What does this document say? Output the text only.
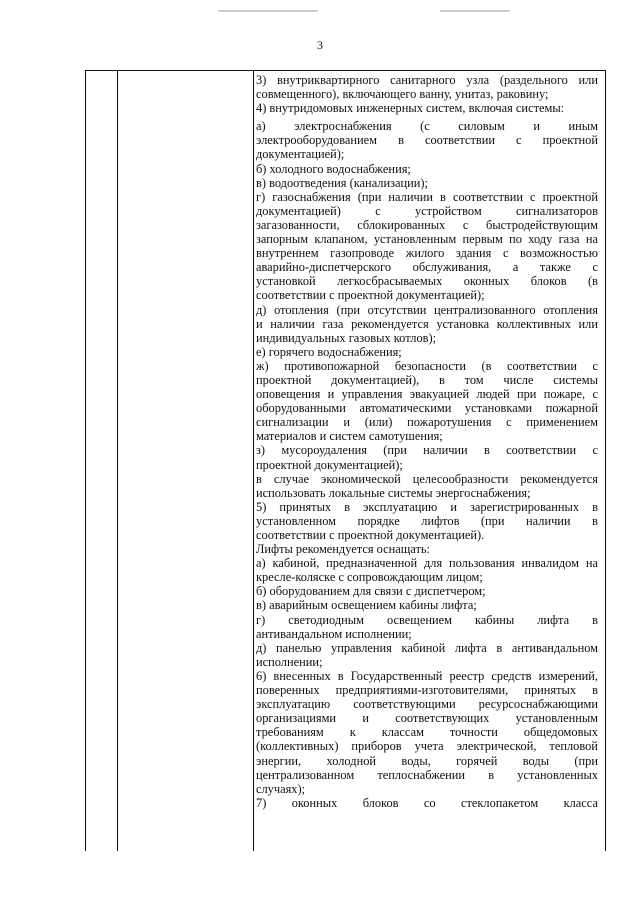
3
3) внутриквартирного санитарного узла (раздельного или
совмещенного), включающего ванну, унитаз, раковину;
4) внутридомовых инженерных систем, включая системы:
а) электроснабжения (с силовым и иным
электрооборудованием в соответствии с проектной
документацией);
б) холодного водоснабжения;
в) водоотведения (канализации);
г) газоснабжения (при наличии в соответствии с проектной
документацией)	с	устройством	сигнализаторов
загазованности, сблокированных с быстродействующим
запорным клапаном, установленным первым по ходу газа на
внутреннем газопроводе жилого здания с возможностью
аварийно-диспетчерского обслуживания, а также с
установкой легкосбрасываемых оконных блоков (в
соответствии с проектной документацией);
д) отопления (при отсутствии централизованного отопления
и наличии газа рекомендуется установка коллективных или
индивидуальных газовых котлов);
е) горячего водоснабжения;
ж) противопожарной безопасности (в соответствии с
проектной документацией), в том числе системы
оповещения и управления эвакуацией людей при пожаре, с
оборудованными автоматическими установками пожарной
сигнализации и (или) пожаротушения с применением
материалов и систем самотушения;
з) мусороудаления (при наличии в соответствии с
проектной документацией);
в случае экономической целесообразности рекомендуется
использовать локальные системы энергоснабжения;
5) принятых в эксплуатацию и зарегистрированных в
установленном порядке лифтов (при наличии в
соответствии с проектной документацией).
Лифты рекомендуется оснащать:
а) кабиной, предназначенной для пользования инвалидом на
кресле-коляске с сопровождающим лицом;
б) оборудованием для связи с диспетчером;
в) аварийным освещением кабины лифта;
г) светодиодным освещением кабины лифта в
антивандальном исполнении;
д) панелью управления кабиной лифта в антивандальном
исполнении;
6) внесенных в Государственный реестр средств измерений,
поверенных предприятиями-изготовителями, принятых в
эксплуатацию соответствующими ресурсоснабжающими
организациями и соответствующих установленным
требованиям к классам точности общедомовых
(коллективных) приборов учета электрической, тепловой
энергии, холодной воды, горячей воды (при
централизованном теплоснабжении в установленных
случаях);
7) оконных блоков со стеклопакетом класса
